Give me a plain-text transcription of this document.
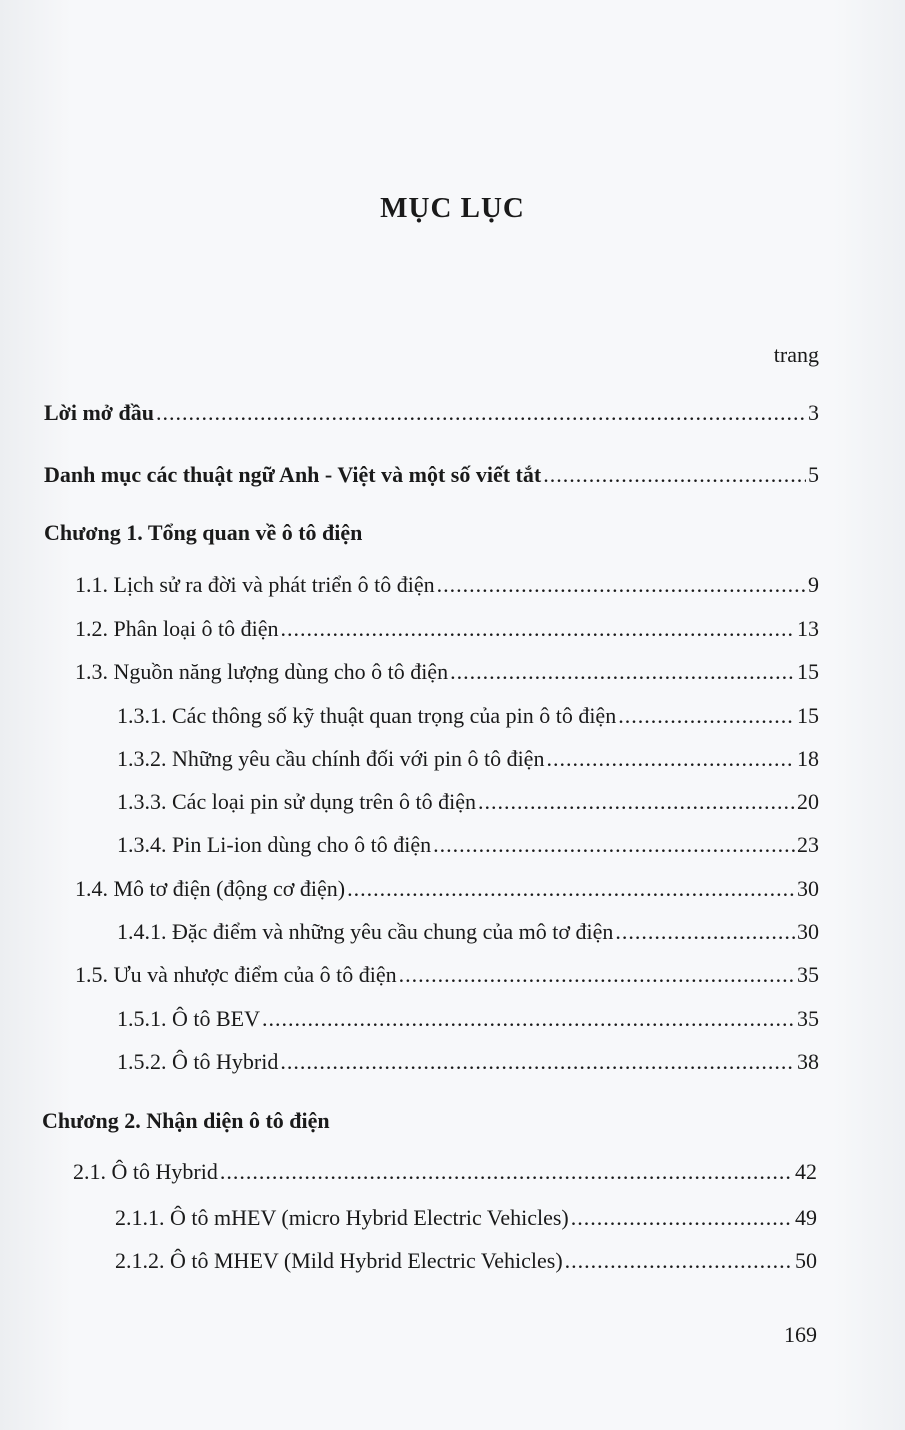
MỤC LỤC
trang
Lời mở đầu .....	3
Danh mục các thuật ngữ Anh - Việt và một số viết tắt .....	5
Chương 1. Tổng quan về ô tô điện
1.1. Lịch sử ra đời và phát triển ô tô điện .....	9
1.2. Phân loại ô tô điện .....	13
1.3. Nguồn năng lượng dùng cho ô tô điện .....	15
1.3.1. Các thông số kỹ thuật quan trọng của pin ô tô điện .....	15
1.3.2. Những yêu cầu chính đối với pin ô tô điện .....	18
1.3.3. Các loại pin sử dụng trên ô tô điện .....	20
1.3.4. Pin Li-ion dùng cho ô tô điện .....	23
1.4. Mô tơ điện (động cơ điện) .....	30
1.4.1. Đặc điểm và những yêu cầu chung của mô tơ điện .....	30
1.5. Ưu và nhược điểm của ô tô điện .....	35
1.5.1. Ô tô BEV .....	35
1.5.2. Ô tô Hybrid .....	38
Chương 2. Nhận diện ô tô điện
2.1. Ô tô Hybrid .....	42
2.1.1. Ô tô mHEV (micro Hybrid Electric Vehicles) .....	49
2.1.2. Ô tô MHEV (Mild Hybrid Electric Vehicles) .....	50
169
